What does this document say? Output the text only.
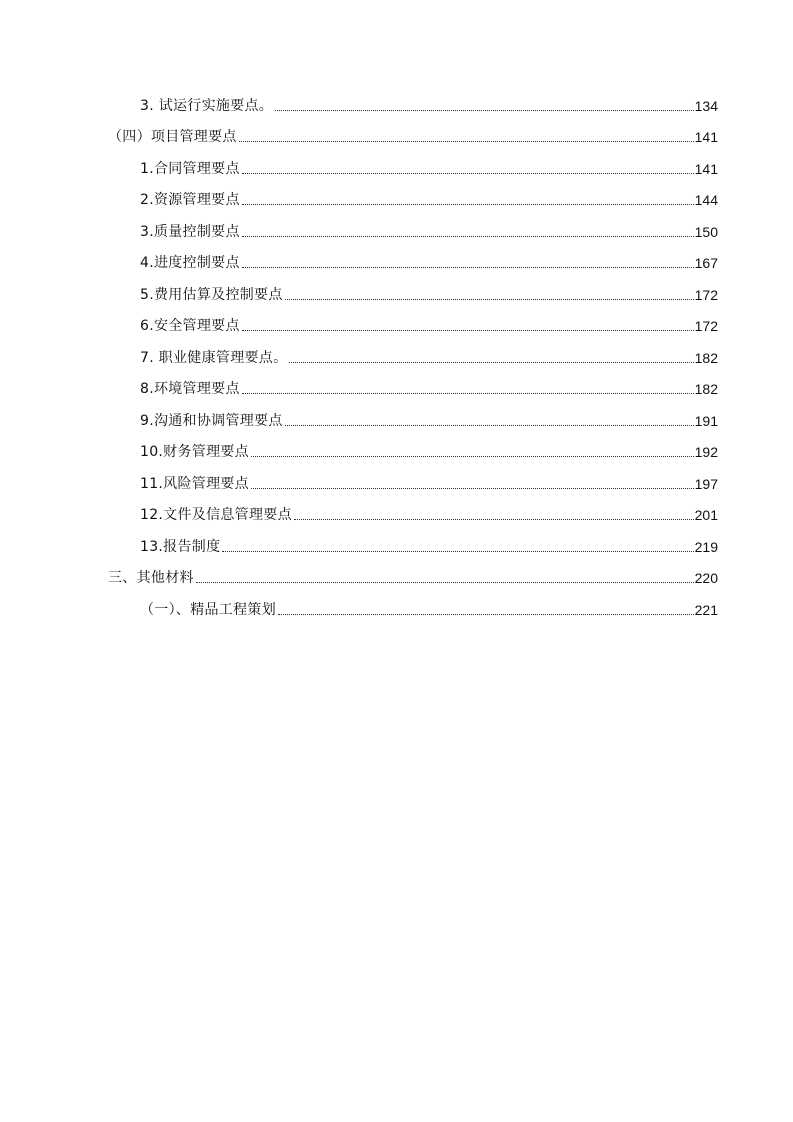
3. 试运行实施要点。	134
（四）项目管理要点	141
1.合同管理要点	141
2.资源管理要点	144
3.质量控制要点	150
4.进度控制要点	167
5.费用估算及控制要点	172
6.安全管理要点	172
7. 职业健康管理要点。	182
8.环境管理要点	182
9.沟通和协调管理要点	191
10.财务管理要点	192
11.风险管理要点	197
12.文件及信息管理要点	201
13.报告制度	219
三、其他材料	220
（一）、精品工程策划	221
